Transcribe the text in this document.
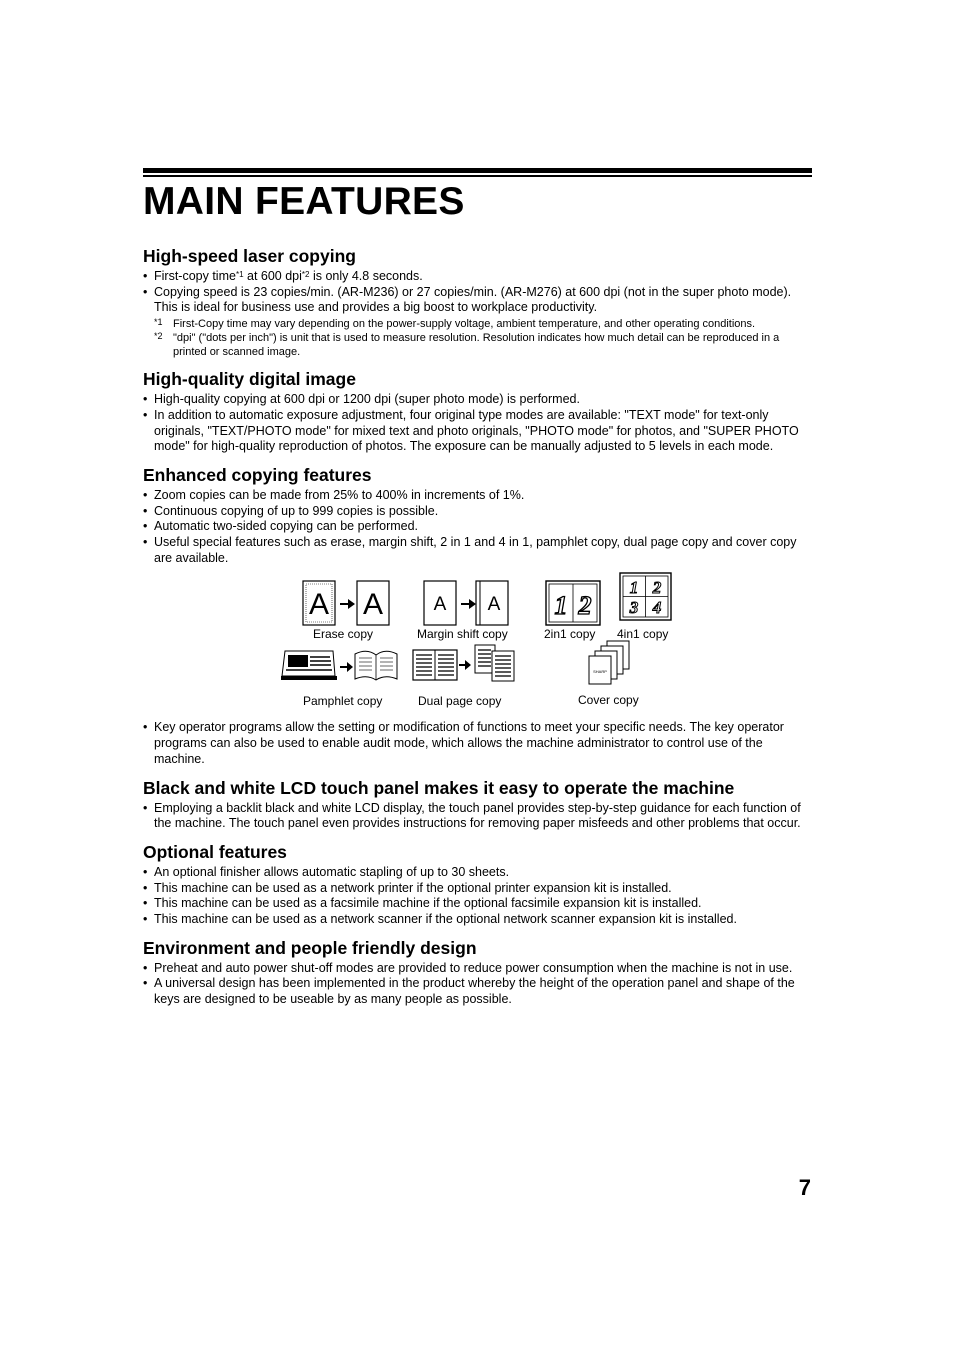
MAIN FEATURES
High-speed laser copying
• First-copy time$^{*1}$ at 600 dpi$^{*2}$ is only 4.8 seconds.
• Copying speed is 23 copies/min. (AR-M236) or 27 copies/min. (AR-M276) at 600 dpi (not in the super photo mode). This is ideal for business use and provides a big boost to workplace productivity.
*1 First-Copy time may vary depending on the power-supply voltage, ambient temperature, and other operating conditions.
*2 "dpi" ("dots per inch") is unit that is used to measure resolution. Resolution indicates how much detail can be reproduced in a printed or scanned image.
High-quality digital image
• High-quality copying at 600 dpi or 1200 dpi (super photo mode) is performed.
• In addition to automatic exposure adjustment, four original type modes are available: "TEXT mode" for text-only originals, "TEXT/PHOTO mode" for mixed text and photo originals, "PHOTO mode" for photos, and "SUPER PHOTO mode" for high-quality reproduction of photos. The exposure can be manually adjusted to 5 levels in each mode.
Enhanced copying features
• Zoom copies can be made from 25% to 400% in increments of 1%.
• Continuous copying of up to 999 copies is possible.
• Automatic two-sided copying can be performed.
• Useful special features such as erase, margin shift, 2 in 1 and 4 in 1, pamphlet copy, dual page copy and cover copy are available.
A A
Erase copy
A A
Margin shift copy
1 2
2in1 copy
1 2
3 4
4in1 copy
Pamphlet copy	Dual page copy
SHARP
Cover copy
• Key operator programs allow the setting or modification of functions to meet your specific needs. The key operator programs can also be used to enable audit mode, which allows the machine administrator to control use of the machine.
Black and white LCD touch panel makes it easy to operate the machine
• Employing a backlit black and white LCD display, the touch panel provides step-by-step guidance for each function of the machine. The touch panel even provides instructions for removing paper misfeeds and other problems that occur.
Optional features
• An optional finisher allows automatic stapling of up to 30 sheets.
• This machine can be used as a network printer if the optional printer expansion kit is installed.
• This machine can be used as a facsimile machine if the optional facsimile expansion kit is installed.
• This machine can be used as a network scanner if the optional network scanner expansion kit is installed.
Environment and people friendly design
• Preheat and auto power shut-off modes are provided to reduce power consumption when the machine is not in use.
• A universal design has been implemented in the product whereby the height of the operation panel and shape of the keys are designed to be useable by as many people as possible.
7
